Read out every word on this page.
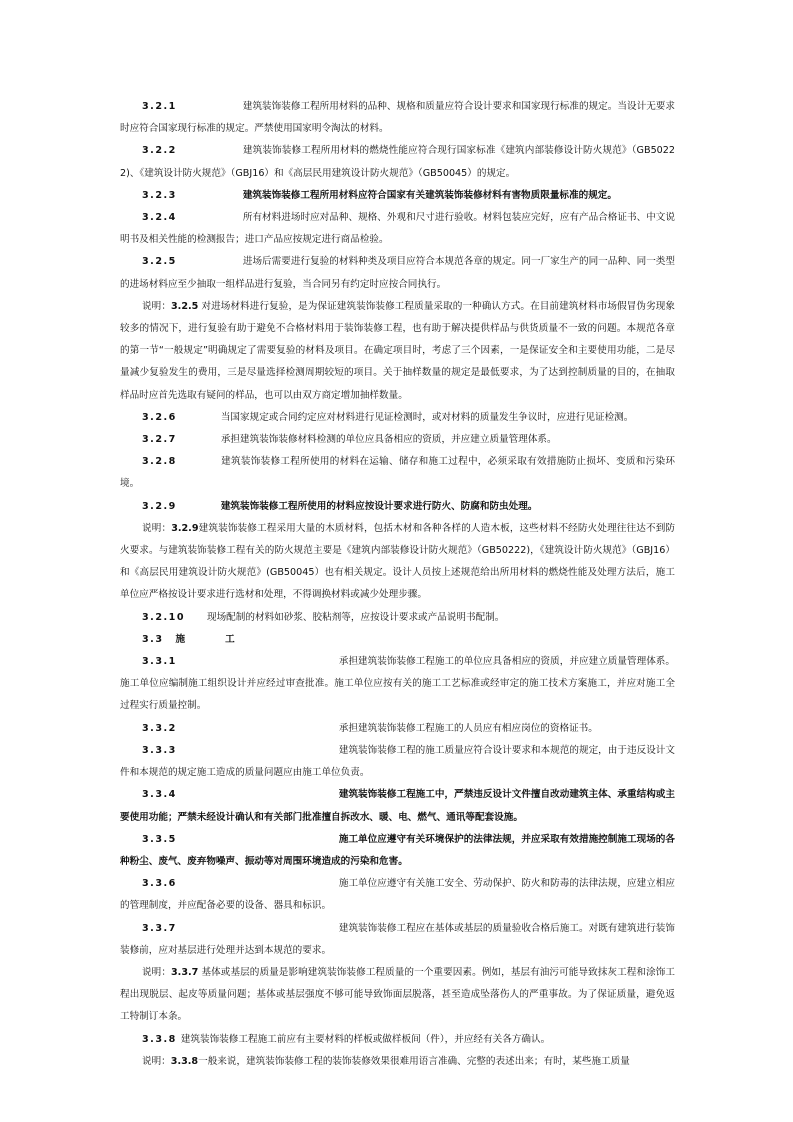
3.2.1	建筑装饰装修工程所用材料的品种、规格和质量应符合设计要求和国家现行标准的规定。当设计无要求时应符合国家现行标准的规定。严禁使用国家明令淘汰的材料。

3.2.2	建筑装饰装修工程所用材料的燃烧性能应符合现行国家标准《建筑内部装修设计防火规范》（GB50222)、《建筑设计防火规范》（GBJ16）和《高层民用建筑设计防火规范》（GB50045）的规定。

3.2.3	建筑装饰装修工程所用材料应符合国家有关建筑装饰装修材料有害物质限量标准的规定。

3.2.4	所有材料进场时应对品种、规格、外观和尺寸进行验收。材料包装应完好，应有产品合格证书、中文说明书及相关性能的检测报告；进口产品应按规定进行商品检验。

3.2.5	进场后需要进行复验的材料种类及项目应符合本规范各章的规定。同一厂家生产的同一品种、同一类型的进场材料应至少抽取一组样品进行复验，当合同另有约定时应按合同执行。

说明：3.2.5 对进场材料进行复验，是为保证建筑装饰装修工程质量采取的一种确认方式。在目前建筑材料市场假冒伪劣现象较多的情况下，进行复验有助于避免不合格材料用于装饰装修工程，也有助于解决提供样品与供货质量不一致的问题。本规范各章的第一节“一般规定”明确规定了需要复验的材料及项目。在确定项目时，考虑了三个因素，一是保证安全和主要使用功能，二是尽量减少复验发生的费用，三是尽量选择检测周期较短的项目。关于抽样数量的规定是最低要求，为了达到控制质量的目的，在抽取样品时应首先选取有疑问的样品，也可以由双方商定增加抽样数量。

3.2.6	当国家规定或合同约定应对材料进行见证检测时，或对材料的质量发生争议时，应进行见证检测。

3.2.7	承担建筑装饰装修材料检测的单位应具备相应的资质，并应建立质量管理体系。

3.2.8	建筑装饰装修工程所使用的材料在运输、储存和施工过程中，必须采取有效措施防止损坏、变质和污染环境。

3.2.9	建筑装饰装修工程所使用的材料应按设计要求进行防火、防腐和防虫处理。

说明：3.2.9建筑装饰装修工程采用大量的木质材料，包括木材和各种各样的人造木板，这些材料不经防火处理往往达不到防火要求。与建筑装饰装修工程有关的防火规范主要是《建筑内部装修设计防火规范》（GB50222)，《建筑设计防火规范》（GBJ16）和《高层民用建筑设计防火规范》(GB50045）也有相关规定。设计人员按上述规范给出所用材料的燃烧性能及处理方法后，施工单位应严格按设计要求进行选材和处理，不得调换材料或减少处理步骤。

3.2.10 现场配制的材料如砂浆、胶粘剂等，应按设计要求或产品说明书配制。

3.3 施工

3.3.1	承担建筑装饰装修工程施工的单位应具备相应的资质，并应建立质量管理体系。施工单位应编制施工组织设计并应经过审查批准。施工单位应按有关的施工工艺标准或经审定的施工技术方案施工，并应对施工全过程实行质量控制。

3.3.2	承担建筑装饰装修工程施工的人员应有相应岗位的资格证书。

3.3.3	建筑装饰装修工程的施工质量应符合设计要求和本规范的规定，由于违反设计文件和本规范的规定施工造成的质量问题应由施工单位负责。

3.3.4	建筑装饰装修工程施工中，严禁违反设计文件擅自改动建筑主体、承重结构或主要使用功能；严禁未经设计确认和有关部门批准擅自拆改水、暖、电、燃气、通讯等配套设施。

3.3.5	施工单位应遵守有关环境保护的法律法规，并应采取有效措施控制施工现场的各种粉尘、废气、废弃物噪声、振动等对周围环境造成的污染和危害。

3.3.6	施工单位应遵守有关施工安全、劳动保护、防火和防毒的法律法规，应建立相应的管理制度，并应配备必要的设备、器具和标识。

3.3.7	建筑装饰装修工程应在基体或基层的质量验收合格后施工。对既有建筑进行装饰装修前，应对基层进行处理并达到本规范的要求。

说明：3.3.7 基体或基层的质量是影响建筑装饰装修工程质量的一个重要因素。例如，基层有油污可能导致抹灰工程和涂饰工程出现脱层、起皮等质量问题；基体或基层强度不够可能导致饰面层脱落，甚至造成坠落伤人的严重事故。为了保证质量，避免返工特制订本条。

3.3.8 建筑装饰装修工程施工前应有主要材料的样板或做样板间（件），并应经有关各方确认。

说明：3.3.8一般来说，建筑装饰装修工程的装饰装修效果很难用语言准确、完整的表述出来；有时，某些施工质量
